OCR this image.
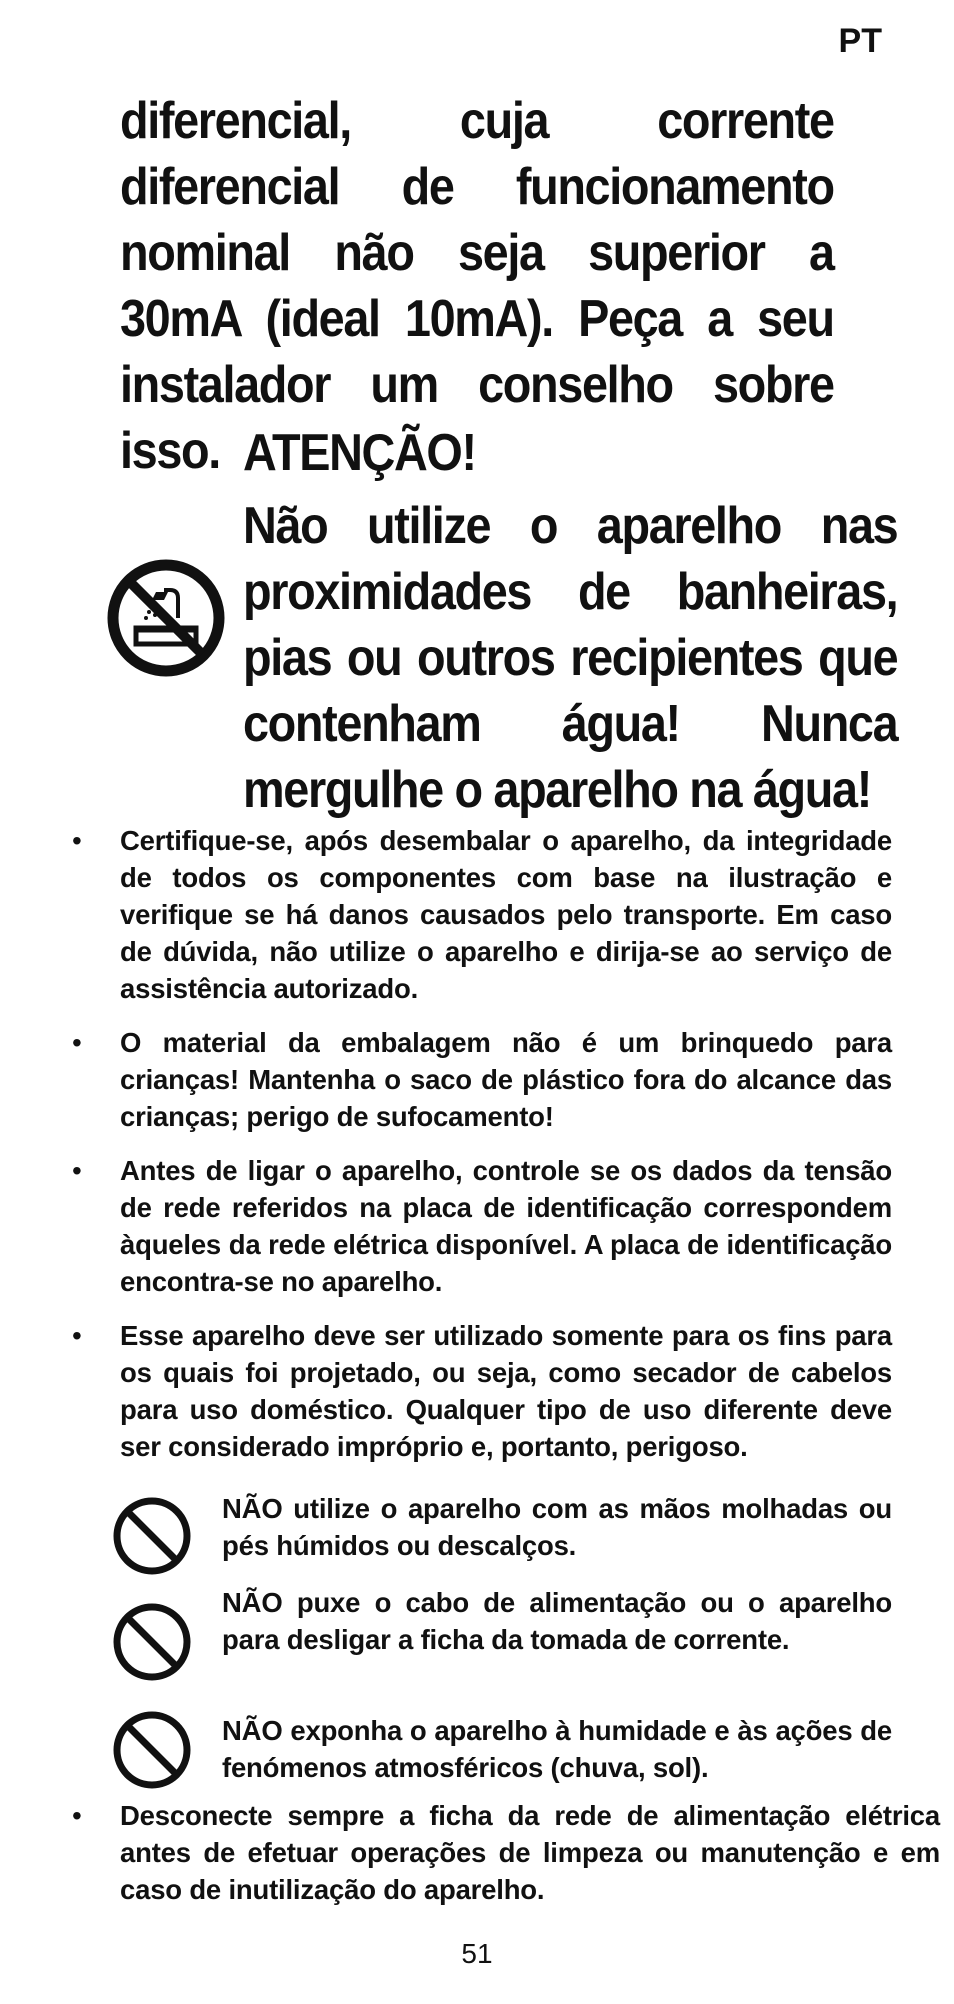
PT
diferencial, cuja corrente diferencial de funcionamento nominal não seja superior a 30mA (ideal 10mA). Peça a seu instalador um conselho sobre isso. ATENÇÃO!
Não utilize o aparelho nas proximidades de banheiras, pias ou outros recipientes que contenham água! Nunca mergulhe o aparelho na água!
• Certifique-se, após desembalar o aparelho, da integridade de todos os componentes com base na ilustração e verifique se há danos causados pelo transporte. Em caso de dúvida, não utilize o aparelho e dirija-se ao serviço de assistência autorizado.
• O material da embalagem não é um brinquedo para crianças! Mantenha o saco de plástico fora do alcance das crianças; perigo de sufocamento!
• Antes de ligar o aparelho, controle se os dados da tensão de rede referidos na placa de identificação correspondem àqueles da rede elétrica disponível. A placa de identificação encontra-se no aparelho.
• Esse aparelho deve ser utilizado somente para os fins para os quais foi projetado, ou seja, como secador de cabelos para uso doméstico. Qualquer tipo de uso diferente deve ser considerado impróprio e, portanto, perigoso.
NÃO utilize o aparelho com as mãos molhadas ou pés húmidos ou descalços.
NÃO puxe o cabo de alimentação ou o aparelho para desligar a ficha da tomada de corrente.
NÃO exponha o aparelho à humidade e às ações de fenómenos atmosféricos (chuva, sol).
• Desconecte sempre a ficha da rede de alimentação elétrica antes de efetuar operações de limpeza ou manutenção e em caso de inutilização do aparelho.
51
